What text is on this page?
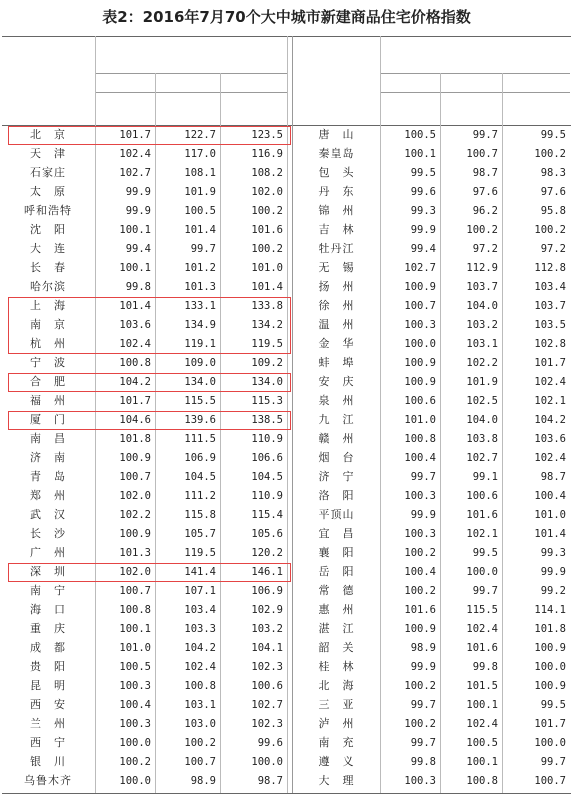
表2：2016年7月70个大中城市新建商品住宅价格指数
北　京	101.7	122.7	123.5
天　津	102.4	117.0	116.9
石家庄	102.7	108.1	108.2
太　原	99.9	101.9	102.0
呼和浩特	99.9	100.5	100.2
沈　阳	100.1	101.4	101.6
大　连	99.4	99.7	100.2
长　春	100.1	101.2	101.0
哈尔滨	99.8	101.3	101.4
上　海	101.4	133.1	133.8
南　京	103.6	134.9	134.2
杭　州	102.4	119.1	119.5
宁　波	100.8	109.0	109.2
合　肥	104.2	134.0	134.0
福　州	101.7	115.5	115.3
厦　门	104.6	139.6	138.5
南　昌	101.8	111.5	110.9
济　南	100.9	106.9	106.6
青　岛	100.7	104.5	104.5
郑　州	102.0	111.2	110.9
武　汉	102.2	115.8	115.4
长　沙	100.9	105.7	105.6
广　州	101.3	119.5	120.2
深　圳	102.0	141.4	146.1
南　宁	100.7	107.1	106.9
海　口	100.8	103.4	102.9
重　庆	100.1	103.3	103.2
成　都	101.0	104.2	104.1
贵　阳	100.5	102.4	102.3
昆　明	100.3	100.8	100.6
西　安	100.4	103.1	102.7
兰　州	100.3	103.0	102.3
西　宁	100.0	100.2	99.6
银　川	100.2	100.7	100.0
乌鲁木齐	100.0	98.9	98.7
唐　山	100.5	99.7	99.5
秦皇岛	100.1	100.7	100.2
包　头	99.5	98.7	98.3
丹　东	99.6	97.6	97.6
锦　州	99.3	96.2	95.8
吉　林	99.9	100.2	100.2
牡丹江	99.4	97.2	97.2
无　锡	102.7	112.9	112.8
扬　州	100.9	103.7	103.4
徐　州	100.7	104.0	103.7
温　州	100.3	103.2	103.5
金　华	100.0	103.1	102.8
蚌　埠	100.9	102.2	101.7
安　庆	100.9	101.9	102.4
泉　州	100.6	102.5	102.1
九　江	101.0	104.0	104.2
赣　州	100.8	103.8	103.6
烟　台	100.4	102.7	102.4
济　宁	99.7	99.1	98.7
洛　阳	100.3	100.6	100.4
平顶山	99.9	101.6	101.0
宜　昌	100.3	102.1	101.4
襄　阳	100.2	99.5	99.3
岳　阳	100.4	100.0	99.9
常　德	100.2	99.7	99.2
惠　州	101.6	115.5	114.1
湛　江	100.9	102.4	101.8
韶　关	98.9	101.6	100.9
桂　林	99.9	99.8	100.0
北　海	100.2	101.5	100.9
三　亚	99.7	100.1	99.5
泸　州	100.2	102.4	101.7
南　充	99.7	100.5	100.0
遵　义	99.8	100.1	99.7
大　理	100.3	100.8	100.7
